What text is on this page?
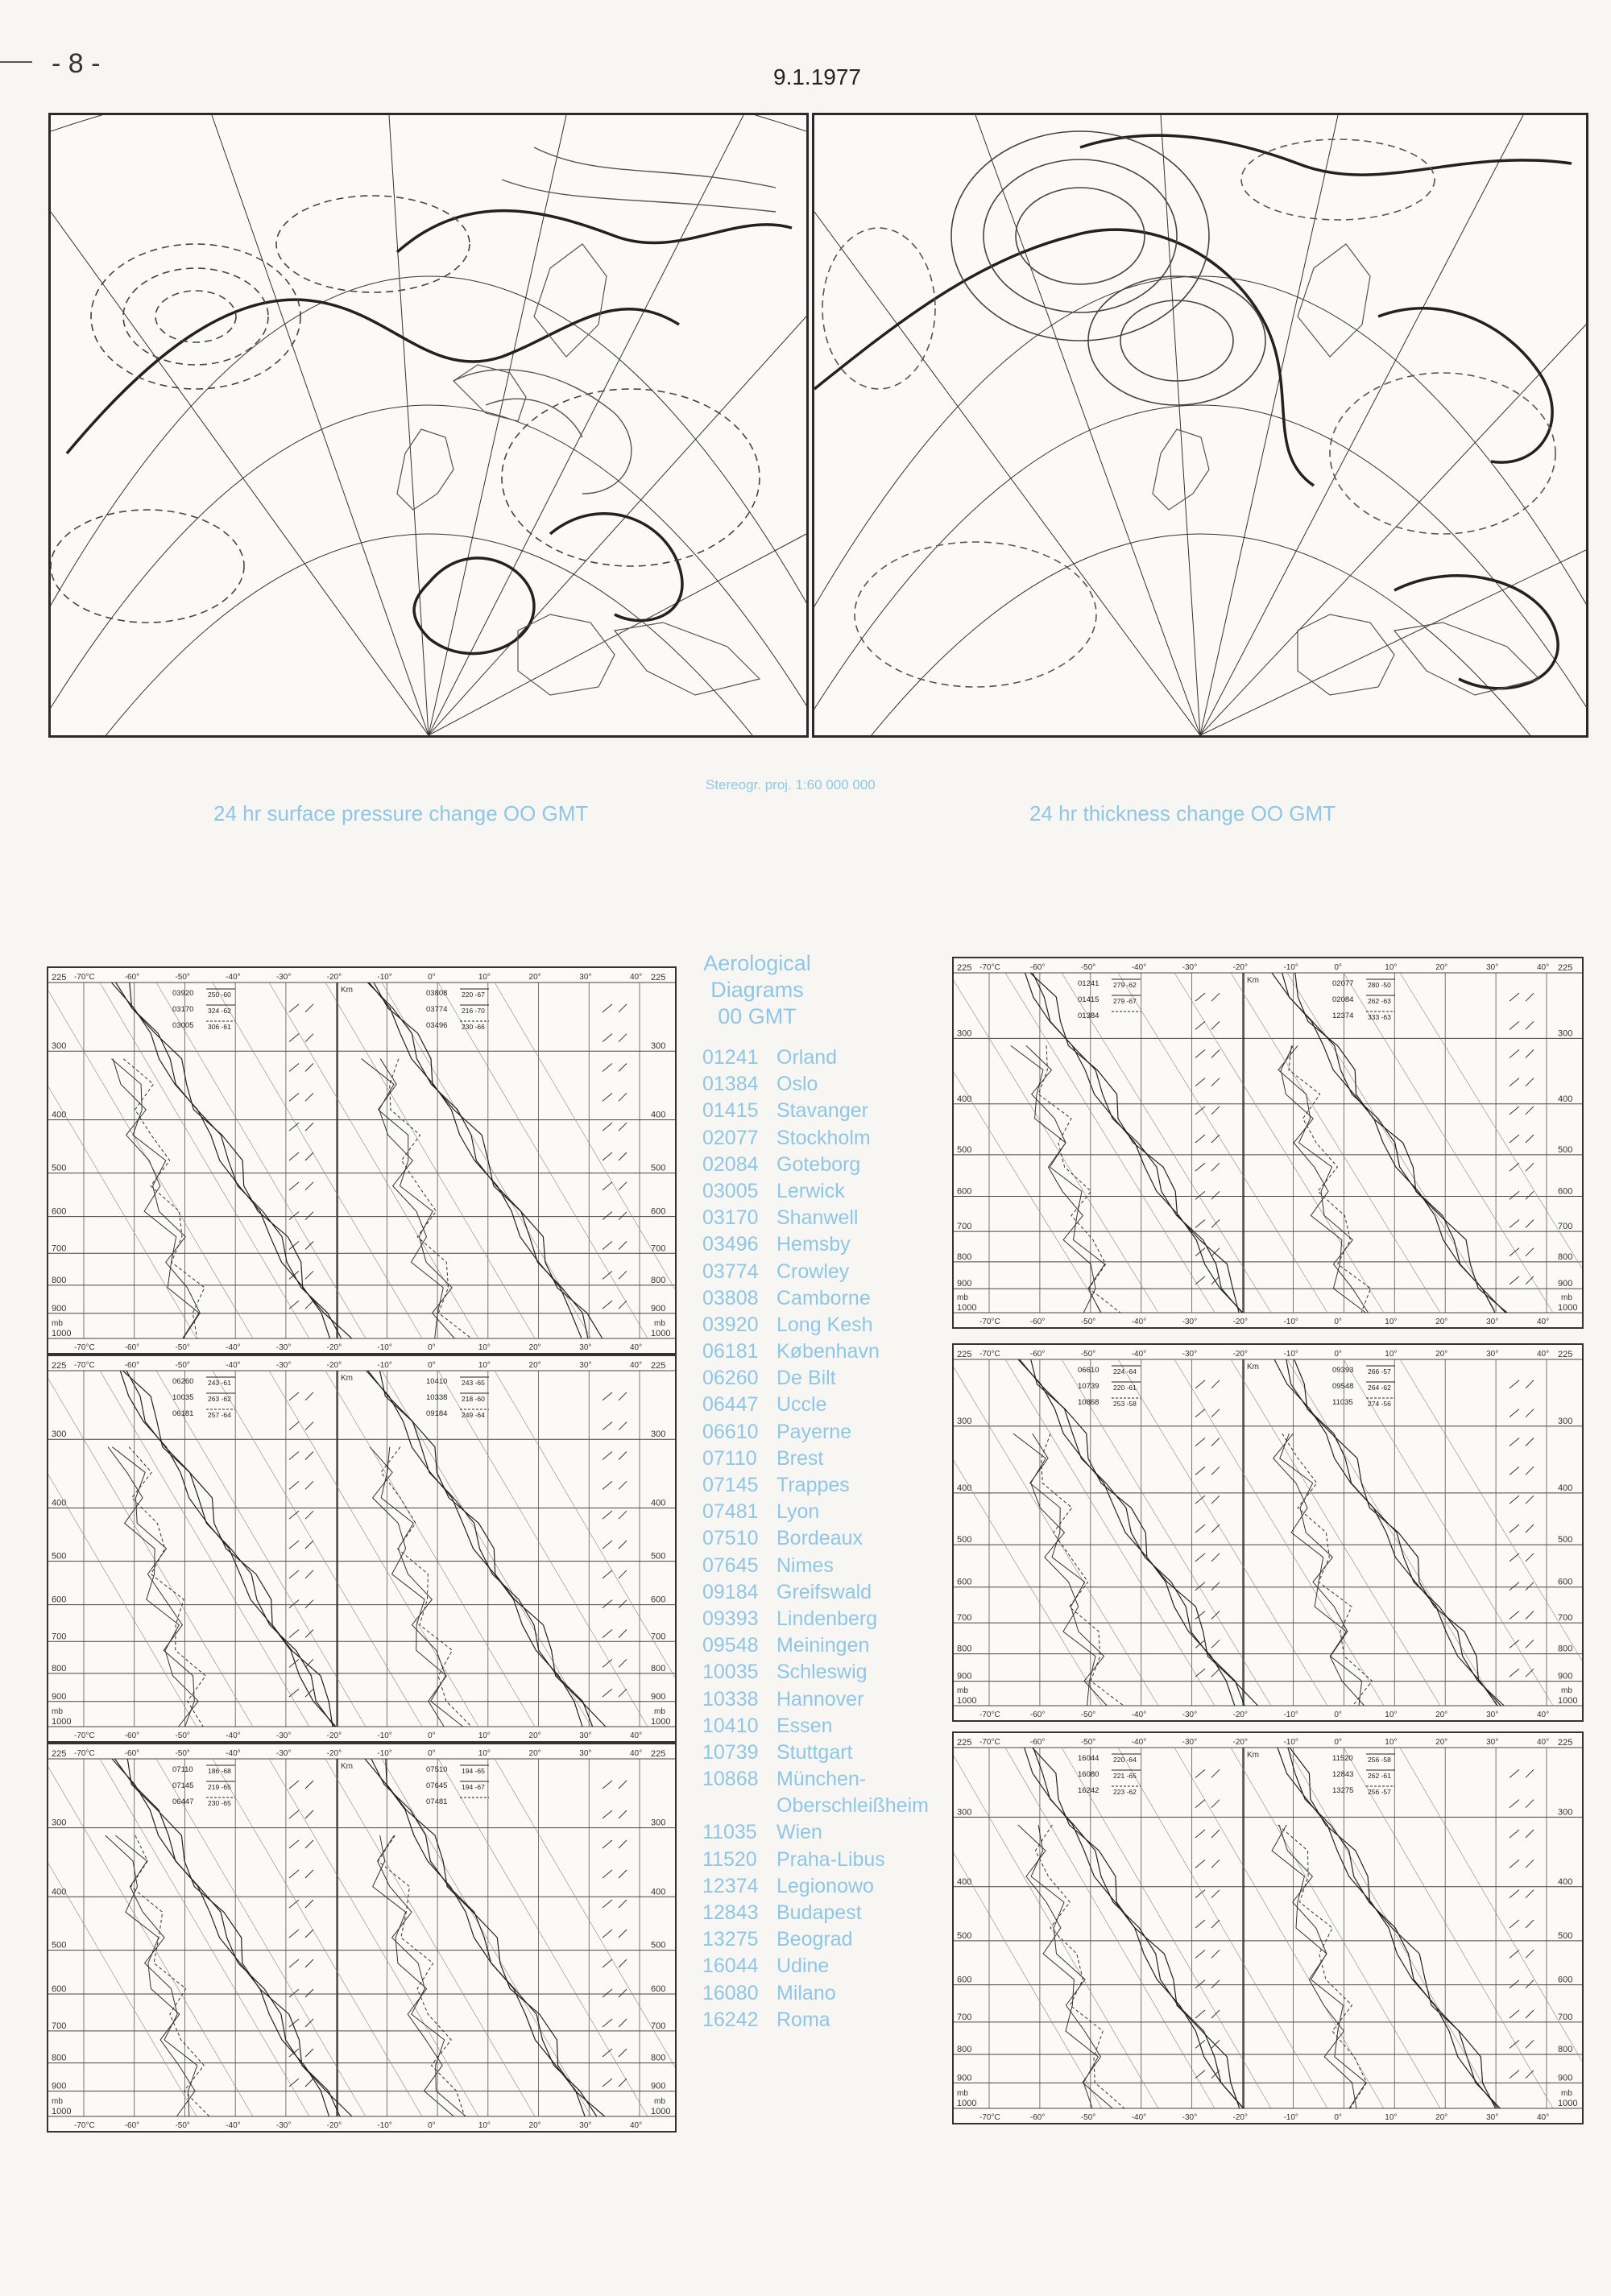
- 8 -	9.1.1977
24 hr surface pressure change OO GMT
Stereogr. proj. 1:60 000 000
24 hr thickness change OO GMT
Aerological
Diagrams
00 GMT
01241 Orland
01384 Oslo
01415 Stavanger
02077 Stockholm
02084 Goteborg
03005 Lerwick
03170 Shanwell
03496 Hemsby
03774 Crowley
03808 Camborne
03920 Long Kesh
06181 København
06260 De Bilt
06447 Uccle
06610 Payerne
07110 Brest
07145 Trappes
07481 Lyon
07510 Bordeaux
07645 Nimes
09184 Greifswald
09393 Lindenberg
09548 Meiningen
10035 Schleswig
10338 Hannover
10410 Essen
10739 Stuttgart
10868 München-
Oberschleißheim
11035 Wien
11520 Praha-Libus
12374 Legionowo
12843 Budapest
13275 Beograd
16044 Udine
16080 Milano
16242 Roma
225	225
300	300
400	400
500	500
600	600
700	700
800	800
900	900
1000	1000
mb	mb
-70°C
-70°C
-60°
-60°
-50°
-50°
-40°
-40°
-30°
-30°
-20°
-20°
-10°
-10°
0°
0°
10°
10°
20°
20°
30°
30°
40°
40°
Km
03920 250 -60
03170 324 -62
03005 306 -61
03808 220 -67
03774 216 -70
03496 230 -66
225	225
300	300
400	400
500	500
600	600
700	700
800	800
900	900
1000	1000
mb	mb
-70°C
-70°C
-60°
-60°
-50°
-50°
-40°
-40°
-30°
-30°
-20°
-20°
-10°
-10°
0°
0°
10°
10°
20°
20°
30°
30°
40°
40°
Km
06260 243 -61
10035 263 -62
06181 257 -64
10410 243 -65
10338 218 -60
09184 249 -64
225	225
300	300
400	400
500	500
600	600
700	700
800	800
900	900
1000	1000
mb	mb
-70°C
-70°C
-60°
-60°
-50°
-50°
-40°
-40°
-30°
-30°
-20°
-20°
-10°
-10°
0°
0°
10°
10°
20°
20°
30°
30°
40°
40°
Km
07110 186 -68
07145 219 -65
06447 230 -65
07510 194 -65
07645 194 -67
07481
225	225
300	300
400	400
500	500
600	600
700	700
800	800
900	900
1000	1000
mb	mb
-70°C
-70°C
-60°
-60°
-50°
-50°
-40°
-40°
-30°
-30°
-20°
-20°
-10°
-10°
0°
0°
10°
10°
20°
20°
30°
30°
40°
40°
Km
01241 279 -62
01415 279 -67
01384
02077 280 -50
02084 262 -63
12374 333 -63
225	225
300	300
400	400
500	500
600	600
700	700
800	800
900	900
1000	1000
mb	mb
-70°C
-70°C
-60°
-60°
-50°
-50°
-40°
-40°
-30°
-30°
-20°
-20°
-10°
-10°
0°
0°
10°
10°
20°
20°
30°
30°
40°
40°
Km
06610 224 -64
10739 220 -61
10868 253 -58
09393 266 -57
09548 264 -62
11035 274 -56
225	225
300	300
400	400
500	500
600	600
700	700
800	800
900	900
1000	1000
mb	mb
-70°C
-70°C
-60°
-60°
-50°
-50°
-40°
-40°
-30°
-30°
-20°
-20°
-10°
-10°
0°
0°
10°
10°
20°
20°
30°
30°
40°
40°
Km
16044 220 -64
16080 221 -65
16242 223 -62
11520 256 -58
12843 262 -61
13275 256 -57
